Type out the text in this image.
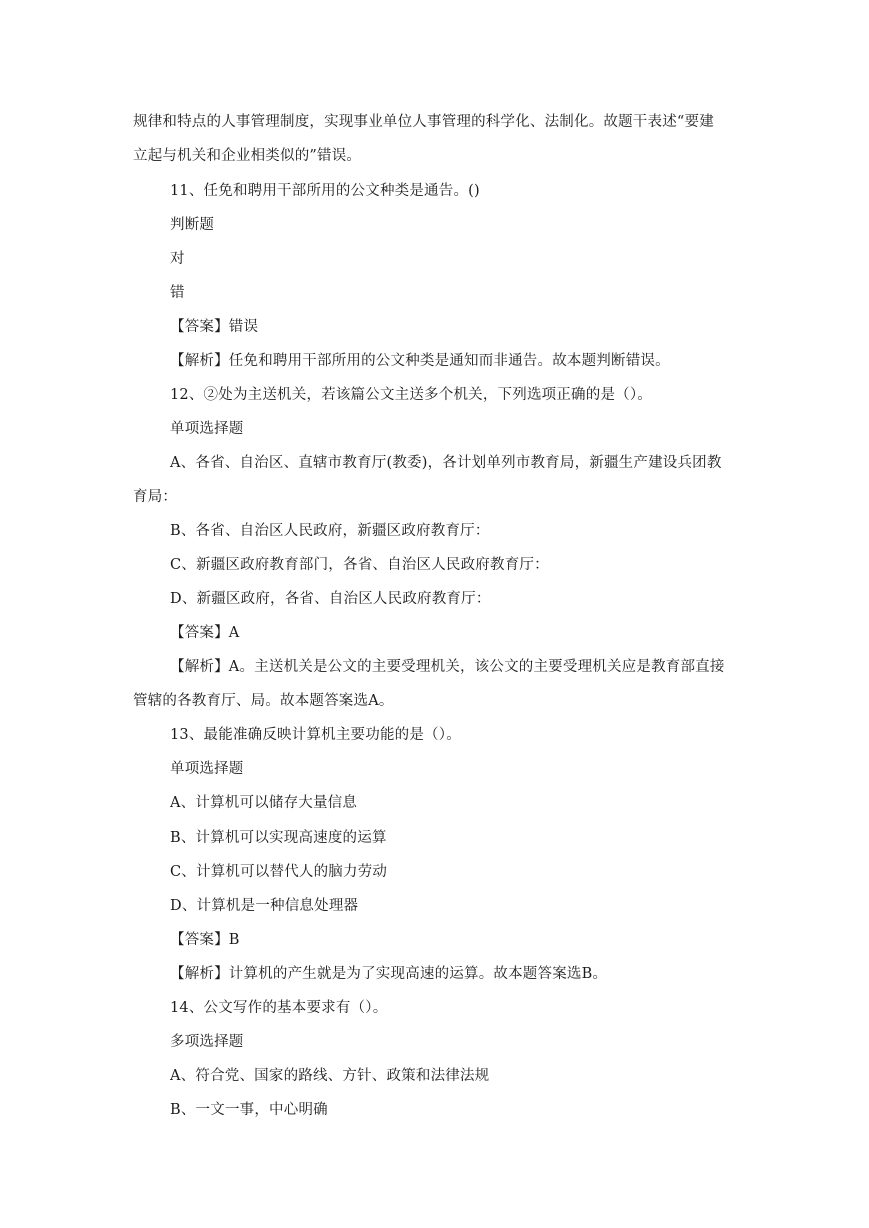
规律和特点的人事管理制度，实现事业单位人事管理的科学化、法制化。故题干表述“要建
立起与机关和企业相类似的”错误。
11、任免和聘用干部所用的公文种类是通告。()
判断题
对
错
【答案】错误
【解析】任免和聘用干部所用的公文种类是通知而非通告。故本题判断错误。
12、②处为主送机关，若该篇公文主送多个机关，下列选项正确的是（）。
单项选择题
A、各省、自治区、直辖市教育厅(教委)，各计划单列市教育局，新疆生产建设兵团教
育局：
B、各省、自治区人民政府，新疆区政府教育厅：
C、新疆区政府教育部门，各省、自治区人民政府教育厅：
D、新疆区政府，各省、自治区人民政府教育厅：
【答案】A
【解析】A。主送机关是公文的主要受理机关，该公文的主要受理机关应是教育部直接
管辖的各教育厅、局。故本题答案选A。
13、最能准确反映计算机主要功能的是（）。
单项选择题
A、计算机可以储存大量信息
B、计算机可以实现高速度的运算
C、计算机可以替代人的脑力劳动
D、计算机是一种信息处理器
【答案】B
【解析】计算机的产生就是为了实现高速的运算。故本题答案选B。
14、公文写作的基本要求有（）。
多项选择题
A、符合党、国家的路线、方针、政策和法律法规
B、一文一事，中心明确
